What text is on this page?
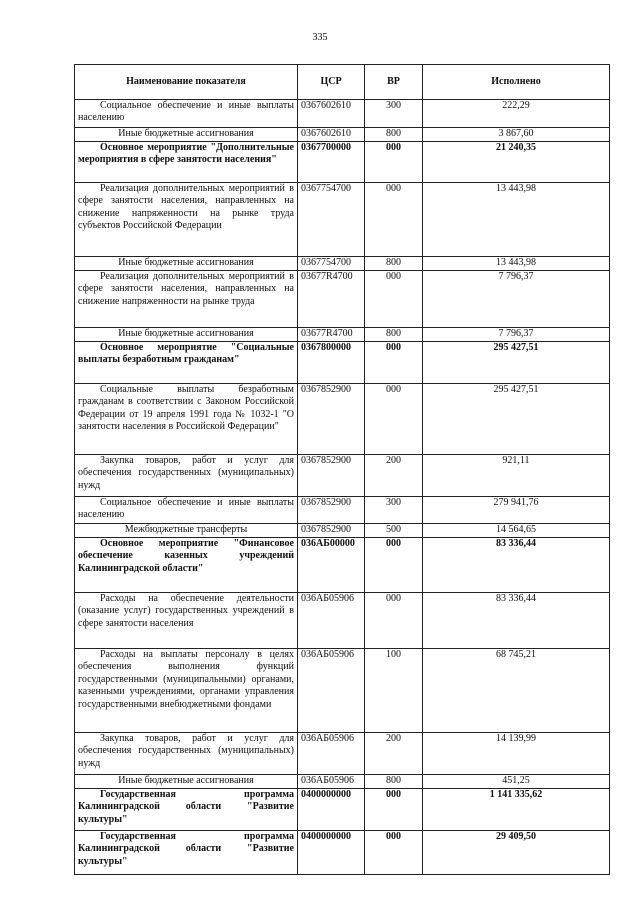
335
Наименование показателя	ЦСР	ВР	Исполнено
Социальное обеспечение и иные выплаты населению	0367602610	300	222,29
Иные бюджетные ассигнования	0367602610	800	3 867,60
Основное мероприятие "Дополнительные мероприятия в сфере занятости населения"	0367700000	000	21 240,35
Реализация дополнительных мероприятий в сфере занятости населения, направленных на снижение напряженности на рынке труда субъектов Российской Федерации	0367754700	000	13 443,98
Иные бюджетные ассигнования	0367754700	800	13 443,98
Реализация дополнительных мероприятий в сфере занятости населения, направленных на снижение напряженности на рынке труда	03677R4700	000	7 796,37
Иные бюджетные ассигнования	03677R4700	800	7 796,37
Основное мероприятие "Социальные выплаты безработным гражданам"	0367800000	000	295 427,51
Социальные выплаты безработным гражданам в соответствии с Законом Российской Федерации от 19 апреля 1991 года № 1032-1 "О занятости населения в Российской Федерации"	0367852900	000	295 427,51
Закупка товаров, работ и услуг для обеспечения государственных (муниципальных) нужд	0367852900	200	921,11
Социальное обеспечение и иные выплаты населению	0367852900	300	279 941,76
Межбюджетные трансферты	0367852900	500	14 564,65
Основное мероприятие "Финансовое обеспечение казенных учреждений Калининградской области"	036АБ00000	000	83 336,44
Расходы на обеспечение деятельности (оказание услуг) государственных учреждений в сфере занятости населения	036АБ05906	000	83 336,44
Расходы на выплаты персоналу в целях обеспечения выполнения функций государственными (муниципальными) органами, казенными учреждениями, органами управления государственными внебюджетными фондами	036АБ05906	100	68 745,21
Закупка товаров, работ и услуг для обеспечения государственных (муниципальных) нужд	036АБ05906	200	14 139,99
Иные бюджетные ассигнования	036АБ05906	800	451,25
Государственная программа Калининградской области "Развитие культуры"	0400000000	000	1 141 335,62
Государственная программа Калининградской области "Развитие культуры"	0400000000	000	29 409,50
